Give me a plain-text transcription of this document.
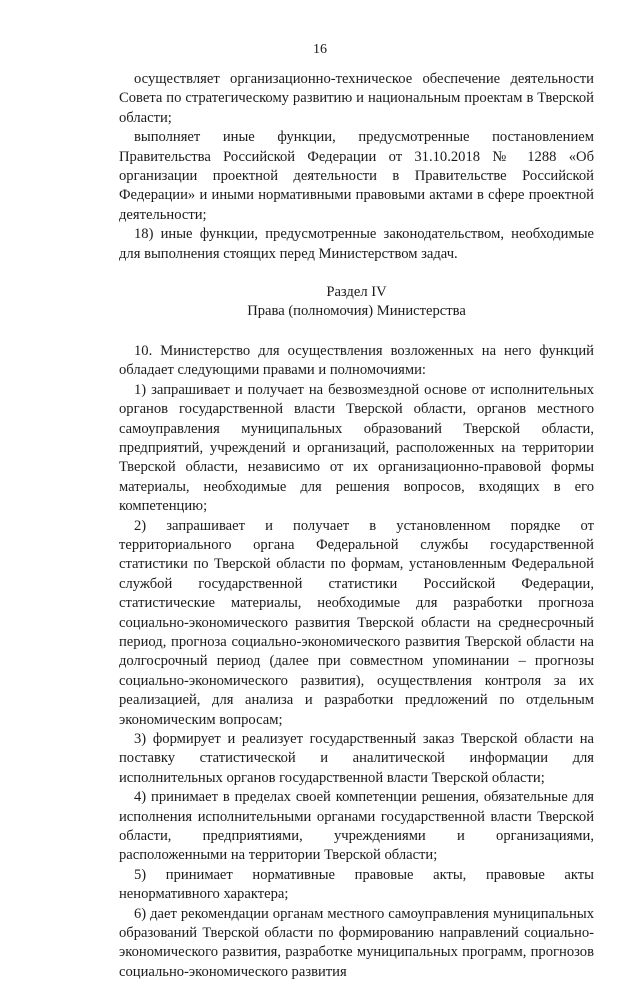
16

осуществляет организационно-техническое обеспечение деятельности Совета по стратегическому развитию и национальным проектам в Тверской области;

выполняет иные функции, предусмотренные постановлением Правительства Российской Федерации от 31.10.2018 № 1288 «Об организации проектной деятельности в Правительстве Российской Федерации» и иными нормативными правовыми актами в сфере проектной деятельности;

18) иные функции, предусмотренные законодательством, необходимые для выполнения стоящих перед Министерством задач.

Раздел IV

Права (полномочия) Министерства

10. Министерство для осуществления возложенных на него функций обладает следующими правами и полномочиями:

1) запрашивает и получает на безвозмездной основе от исполнительных органов государственной власти Тверской области, органов местного самоуправления муниципальных образований Тверской области, предприятий, учреждений и организаций, расположенных на территории Тверской области, независимо от их организационно-правовой формы материалы, необходимые для решения вопросов, входящих в его компетенцию;

2) запрашивает и получает в установленном порядке от территориального органа Федеральной службы государственной статистики по Тверской области по формам, установленным Федеральной службой государственной статистики Российской Федерации, статистические материалы, необходимые для разработки прогноза социально-экономического развития Тверской области на среднесрочный период, прогноза социально-экономического развития Тверской области на долгосрочный период (далее при совместном упоминании – прогнозы социально-экономического развития), осуществления контроля за их реализацией, для анализа и разработки предложений по отдельным экономическим вопросам;

3) формирует и реализует государственный заказ Тверской области на поставку статистической и аналитической информации для исполнительных органов государственной власти Тверской области;

4) принимает в пределах своей компетенции решения, обязательные для исполнения исполнительными органами государственной власти Тверской области, предприятиями, учреждениями и организациями, расположенными на территории Тверской области;

5) принимает нормативные правовые акты, правовые акты ненормативного характера;

6) дает рекомендации органам местного самоуправления муниципальных образований Тверской области по формированию направлений социально-экономического развития, разработке муниципальных программ, прогнозов социально-экономического развития
